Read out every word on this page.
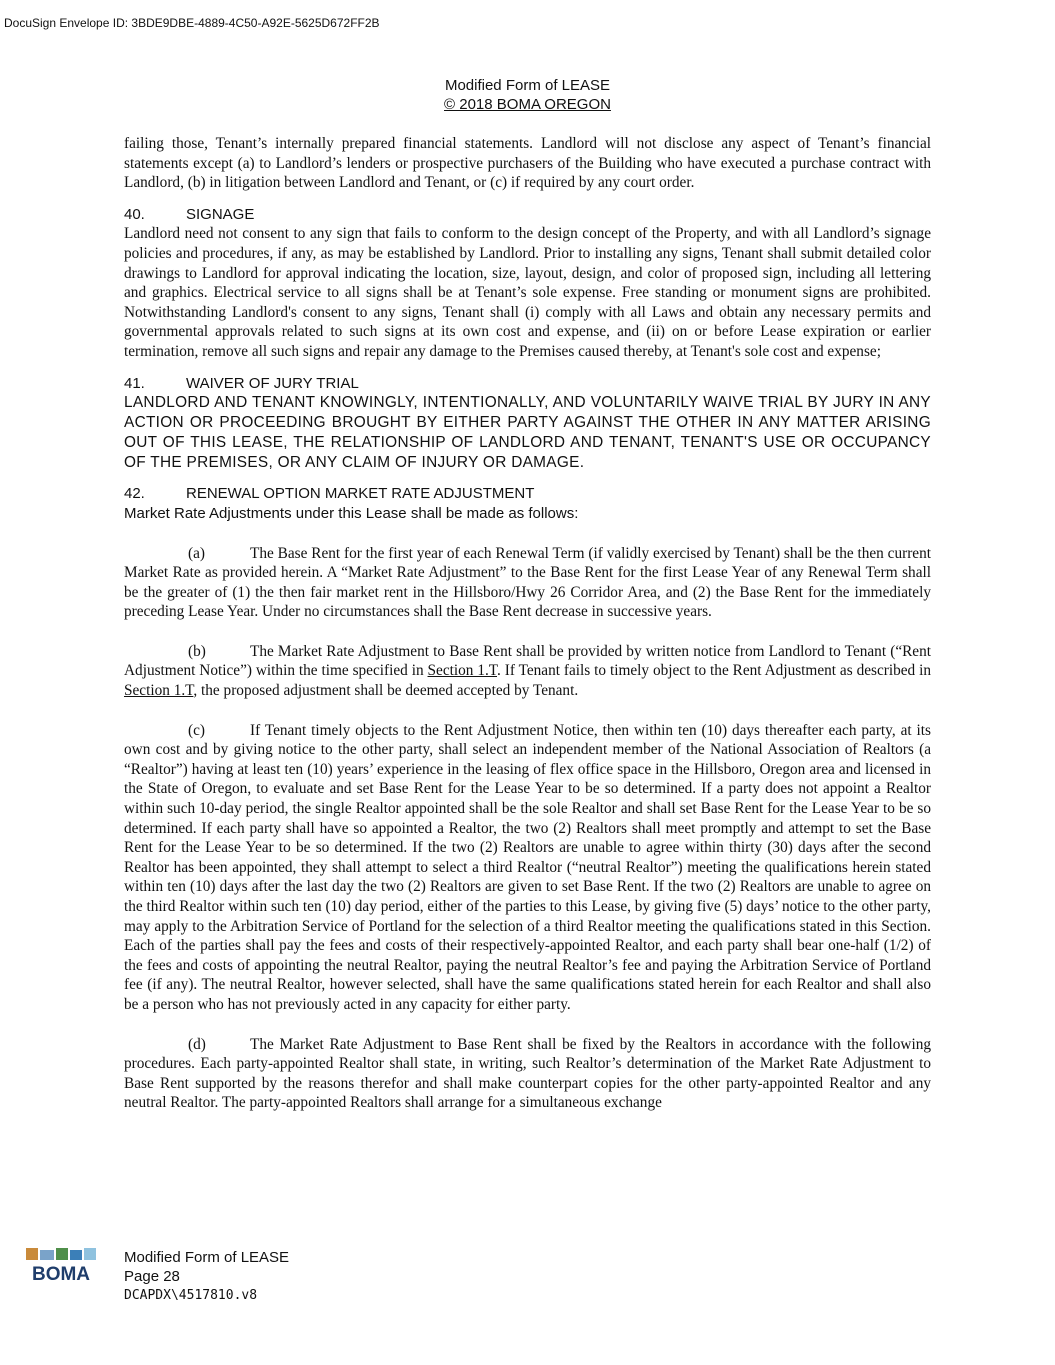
DocuSign Envelope ID: 3BDE9DBE-4889-4C50-A92E-5625D672FF2B
Modified Form of LEASE
© 2018 BOMA OREGON

failing those, Tenant’s internally prepared financial statements. Landlord will not disclose any aspect of Tenant’s financial statements except (a) to Landlord’s lenders or prospective purchasers of the Building who have executed a purchase contract with Landlord, (b) in litigation between Landlord and Tenant, or (c) if required by any court order.

40.	SIGNAGE

Landlord need not consent to any sign that fails to conform to the design concept of the Property, and with all Landlord’s signage policies and procedures, if any, as may be established by Landlord. Prior to installing any signs, Tenant shall submit detailed color drawings to Landlord for approval indicating the location, size, layout, design, and color of proposed sign, including all lettering and graphics. Electrical service to all signs shall be at Tenant’s sole expense. Free standing or monument signs are prohibited. Notwithstanding Landlord's consent to any signs, Tenant shall (i) comply with all Laws and obtain any necessary permits and governmental approvals related to such signs at its own cost and expense, and (ii) on or before Lease expiration or earlier termination, remove all such signs and repair any damage to the Premises caused thereby, at Tenant's sole cost and expense;

41.	WAIVER OF JURY TRIAL

LANDLORD AND TENANT KNOWINGLY, INTENTIONALLY, AND VOLUNTARILY WAIVE TRIAL BY JURY IN ANY ACTION OR PROCEEDING BROUGHT BY EITHER PARTY AGAINST THE OTHER IN ANY MATTER ARISING OUT OF THIS LEASE, THE RELATIONSHIP OF LANDLORD AND TENANT, TENANT'S USE OR OCCUPANCY OF THE PREMISES, OR ANY CLAIM OF INJURY OR DAMAGE.

42.	RENEWAL OPTION MARKET RATE ADJUSTMENT

Market Rate Adjustments under this Lease shall be made as follows:

(a)	The Base Rent for the first year of each Renewal Term (if validly exercised by Tenant) shall be the then current Market Rate as provided herein. A “Market Rate Adjustment” to the Base Rent for the first Lease Year of any Renewal Term shall be the greater of (1) the then fair market rent in the Hillsboro/Hwy 26 Corridor Area, and (2) the Base Rent for the immediately preceding Lease Year. Under no circumstances shall the Base Rent decrease in successive years.

(b)	The Market Rate Adjustment to Base Rent shall be provided by written notice from Landlord to Tenant (“Rent Adjustment Notice”) within the time specified in Section 1.T. If Tenant fails to timely object to the Rent Adjustment as described in Section 1.T, the proposed adjustment shall be deemed accepted by Tenant.

(c)	If Tenant timely objects to the Rent Adjustment Notice, then within ten (10) days thereafter each party, at its own cost and by giving notice to the other party, shall select an independent member of the National Association of Realtors (a “Realtor”) having at least ten (10) years’ experience in the leasing of flex office space in the Hillsboro, Oregon area and licensed in the State of Oregon, to evaluate and set Base Rent for the Lease Year to be so determined. If a party does not appoint a Realtor within such 10-day period, the single Realtor appointed shall be the sole Realtor and shall set Base Rent for the Lease Year to be so determined. If each party shall have so appointed a Realtor, the two (2) Realtors shall meet promptly and attempt to set the Base Rent for the Lease Year to be so determined. If the two (2) Realtors are unable to agree within thirty (30) days after the second Realtor has been appointed, they shall attempt to select a third Realtor (“neutral Realtor”) meeting the qualifications herein stated within ten (10) days after the last day the two (2) Realtors are given to set Base Rent. If the two (2) Realtors are unable to agree on the third Realtor within such ten (10) day period, either of the parties to this Lease, by giving five (5) days’ notice to the other party, may apply to the Arbitration Service of Portland for the selection of a third Realtor meeting the qualifications stated in this Section. Each of the parties shall pay the fees and costs of their respectively-appointed Realtor, and each party shall bear one-half (1/2) of the fees and costs of appointing the neutral Realtor, paying the neutral Realtor’s fee and paying the Arbitration Service of Portland fee (if any). The neutral Realtor, however selected, shall have the same qualifications stated herein for each Realtor and shall also be a person who has not previously acted in any capacity for either party.

(d)	The Market Rate Adjustment to Base Rent shall be fixed by the Realtors in accordance with the following procedures. Each party-appointed Realtor shall state, in writing, such Realtor’s determination of the Market Rate Adjustment to Base Rent supported by the reasons therefor and shall make counterpart copies for the other party-appointed Realtor and any neutral Realtor. The party-appointed Realtors shall arrange for a simultaneous exchange

BOMA
Modified Form of LEASE
Page 28
DCAPDX\4517810.v8
